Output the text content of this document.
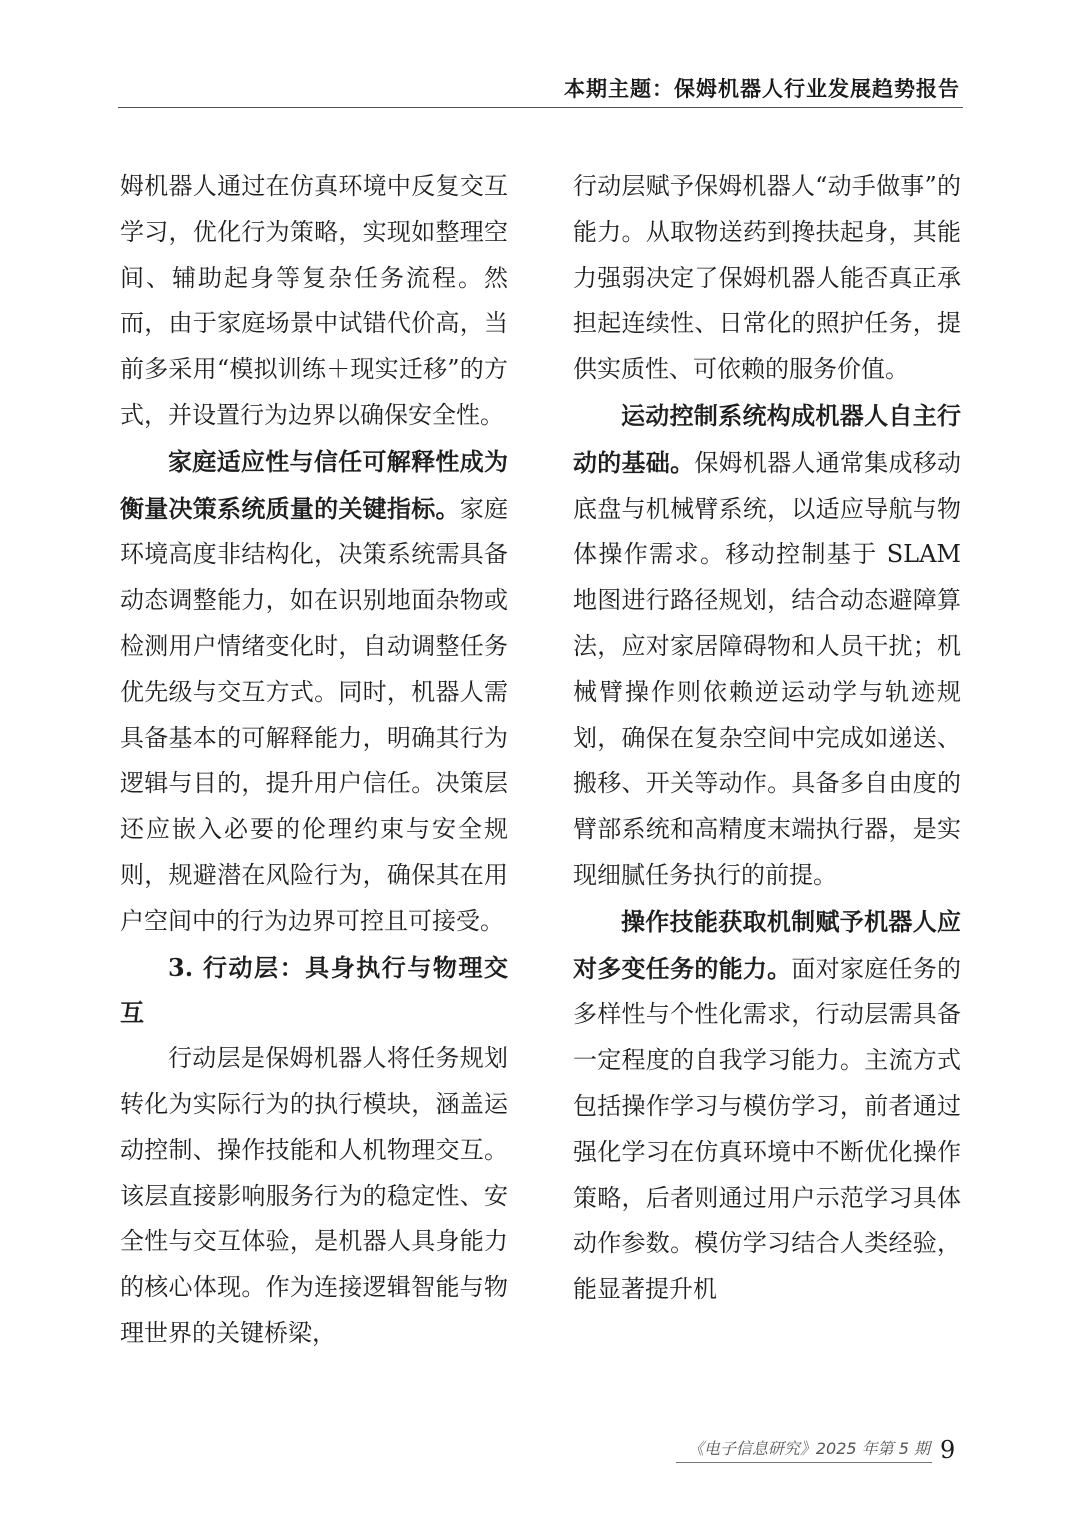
本期主题：保姆机器人行业发展趋势报告

姆机器人通过在仿真环境中反复交互学习，优化行为策略，实现如整理空间、辅助起身等复杂任务流程。然而，由于家庭场景中试错代价高，当前多采用“模拟训练＋现实迁移”的方式，并设置行为边界以确保安全性。

家庭适应性与信任可解释性成为衡量决策系统质量的关键指标。家庭环境高度非结构化，决策系统需具备动态调整能力，如在识别地面杂物或检测用户情绪变化时，自动调整任务优先级与交互方式。同时，机器人需具备基本的可解释能力，明确其行为逻辑与目的，提升用户信任。决策层还应嵌入必要的伦理约束与安全规则，规避潜在风险行为，确保其在用户空间中的行为边界可控且可接受。

3. 行动层：具身执行与物理交互

行动层是保姆机器人将任务规划转化为实际行为的执行模块，涵盖运动控制、操作技能和人机物理交互。该层直接影响服务行为的稳定性、安全性与交互体验，是机器人具身能力的核心体现。作为连接逻辑智能与物理世界的关键桥梁，

行动层赋予保姆机器人“动手做事”的能力。从取物送药到搀扶起身，其能力强弱决定了保姆机器人能否真正承担起连续性、日常化的照护任务，提供实质性、可依赖的服务价值。

运动控制系统构成机器人自主行动的基础。保姆机器人通常集成移动底盘与机械臂系统，以适应导航与物体操作需求。移动控制基于 SLAM 地图进行路径规划，结合动态避障算法，应对家居障碍物和人员干扰；机械臂操作则依赖逆运动学与轨迹规划，确保在复杂空间中完成如递送、搬移、开关等动作。具备多自由度的臂部系统和高精度末端执行器，是实现细腻任务执行的前提。

操作技能获取机制赋予机器人应对多变任务的能力。面对家庭任务的多样性与个性化需求，行动层需具备一定程度的自我学习能力。主流方式包括操作学习与模仿学习，前者通过强化学习在仿真环境中不断优化操作策略，后者则通过用户示范学习具体动作参数。模仿学习结合人类经验，能显著提升机

《电子信息研究》2025 年第 5 期 9
